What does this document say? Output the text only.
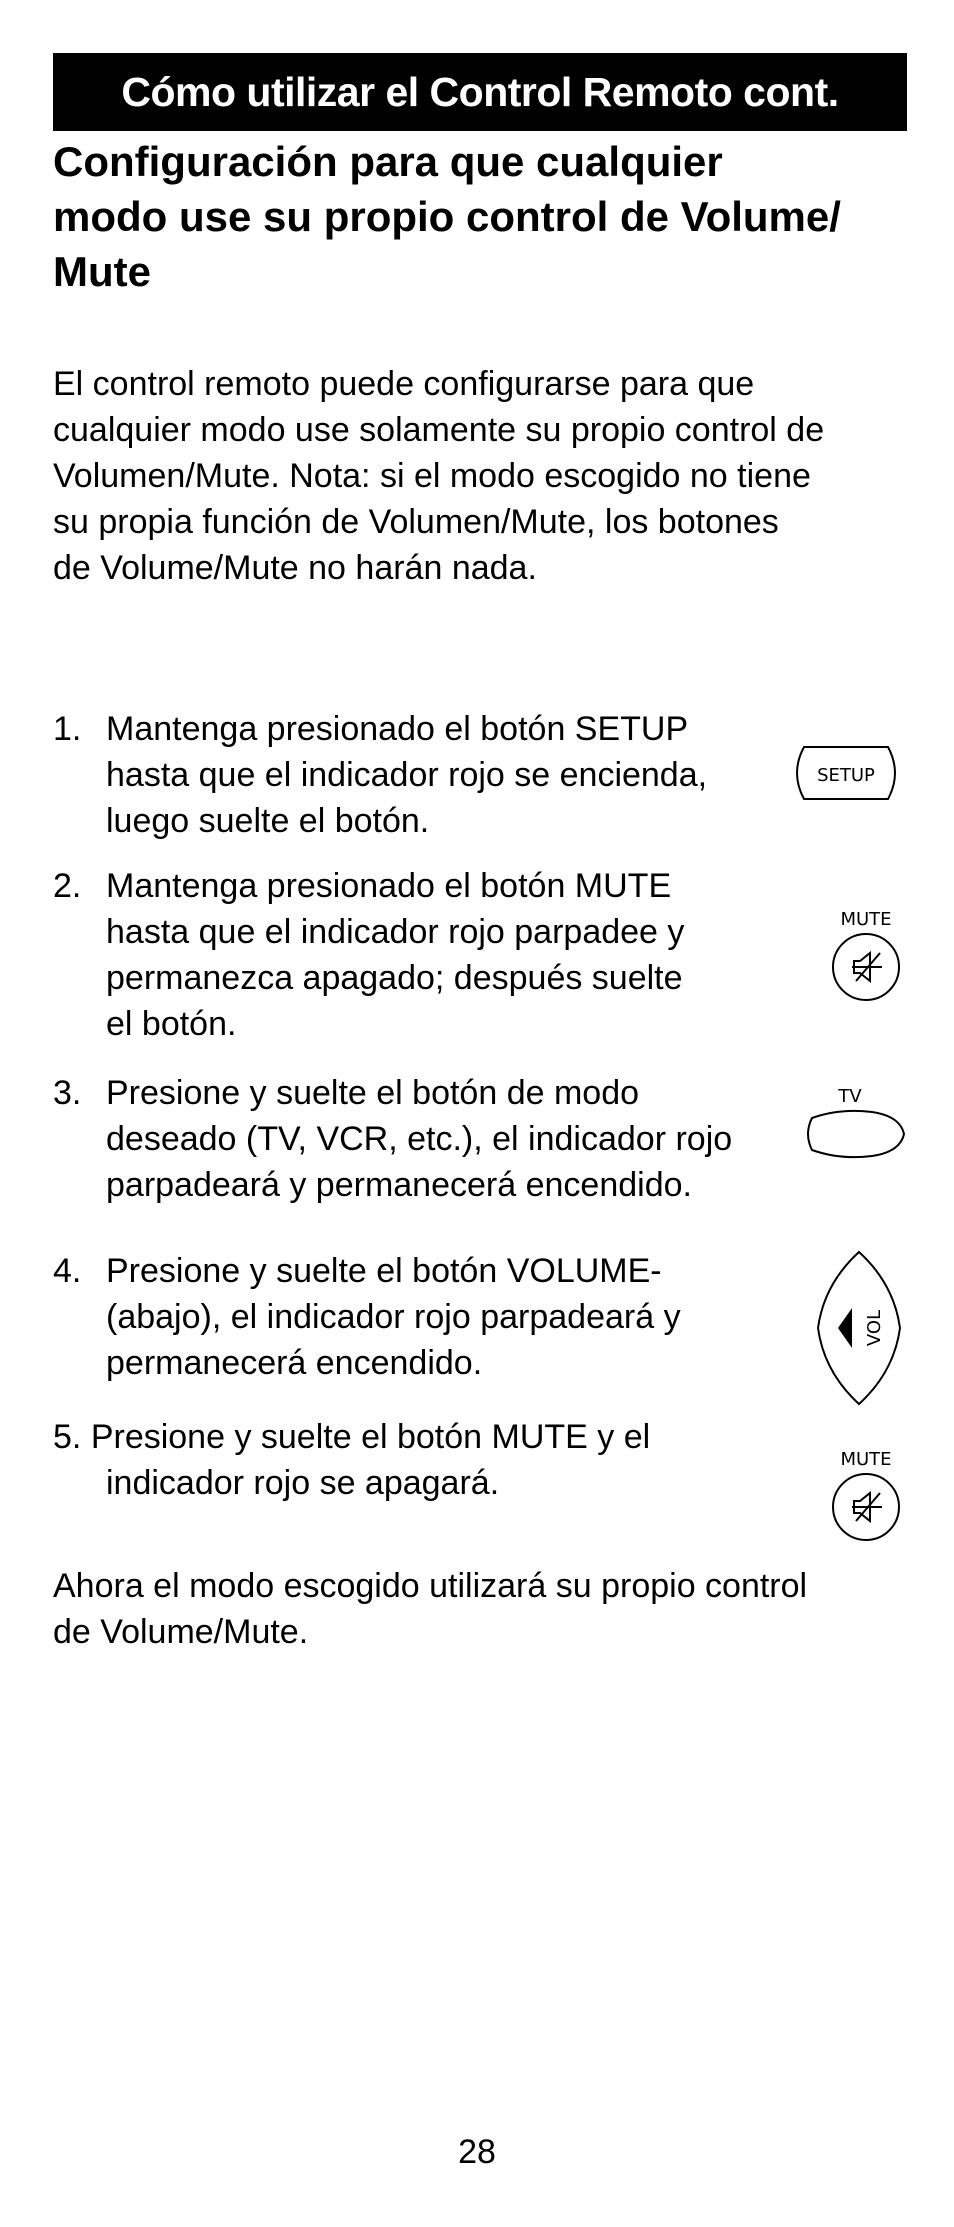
Cómo utilizar el Control Remoto cont.
Configuración para que cualquier
modo use su propio control de Volume/
Mute

El control remoto puede configurarse para que
cualquier modo use solamente su propio control de
Volumen/Mute. Nota: si el modo escogido no tiene
su propia función de Volumen/Mute, los botones
de Volume/Mute no harán nada.

1. Mantenga presionado el botón SETUP
hasta que el indicador rojo se encienda,
luego suelte el botón.
SETUP
2. Mantenga presionado el botón MUTE
hasta que el indicador rojo parpadee y
permanezca apagado; después suelte
el botón.
MUTE
3. Presione y suelte el botón de modo
deseado (TV, VCR, etc.), el indicador rojo
parpadeará y permanecerá encendido.
TV
4. Presione y suelte el botón VOLUME-
(abajo), el indicador rojo parpadeará y
permanecerá encendido.
VOL
5. Presione y suelte el botón MUTE y el
indicador rojo se apagará.
MUTE

Ahora el modo escogido utilizará su propio control
de Volume/Mute.

28
